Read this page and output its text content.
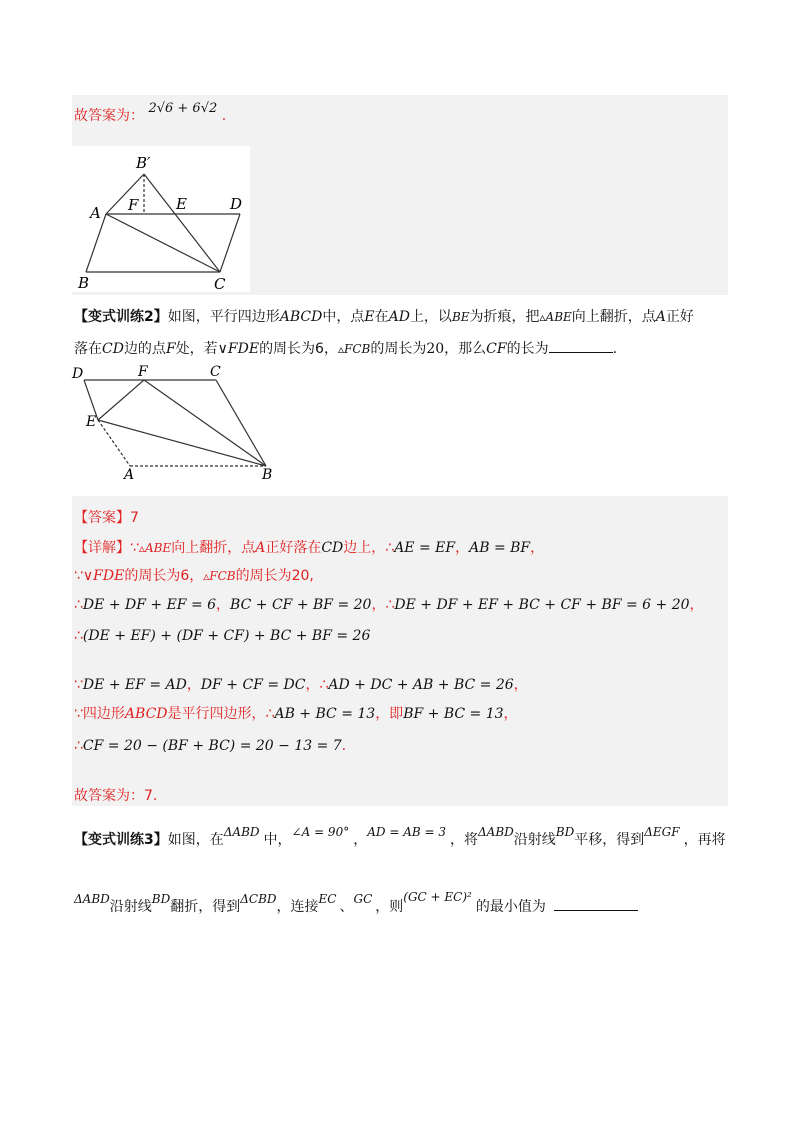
故答案为： 2√6 + 6√2 .
B′
A F	E	D
B	C
【变式训练2】如图，平行四边形ABCD中，点E在AD上，以BE为折痕，把▵ABE向上翻折，点A正好
落在CD边的点F处，若∨FDE的周长为6，▵FCB的周长为20，那么CF的长为	.
D	F	C
E
A	B
【答案】7
【详解】∵▵ABE向上翻折，点A正好落在CD边上，∴AE = EF，AB = BF，
∵∨FDE的周长为6，▵FCB的周长为20,
∴DE + DF + EF = 6，BC + CF + BF = 20，∴DE + DF + EF + BC + CF + BF = 6 + 20，
∴(DE + EF) + (DF + CF) + BC + BF = 26
∵DE + EF = AD，DF + CF = DC，∴AD + DC + AB + BC = 26，
∵四边形ABCD是平行四边形，∴AB + BC = 13，即BF + BC = 13，
∴CF = 20 − (BF + BC) = 20 − 13 = 7.
故答案为：7.
【变式训练3】如图，在ΔABD 中，∠A = 90° ，AD = AB = 3 ，将ΔABD沿射线BD平移，得到ΔEGF ，再将
ΔABD沿射线BD翻折，得到ΔCBD，连接EC 、GC ，则(GC + EC)²的最小值为
